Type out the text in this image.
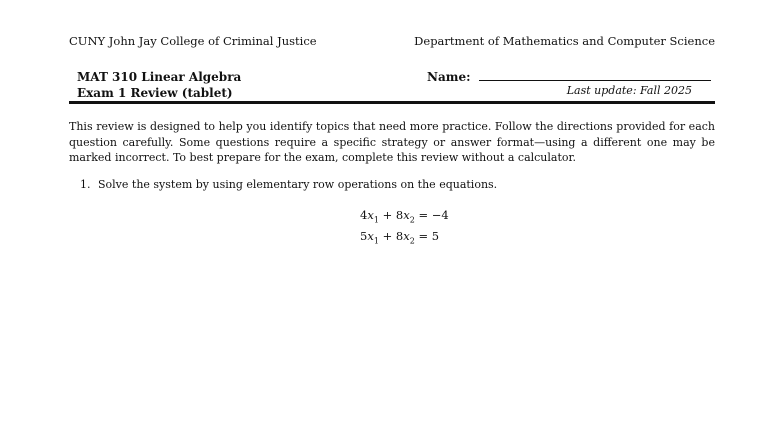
CUNY John Jay College of Criminal Justice	Department of Mathematics and Computer Science
MAT 310 Linear Algebra
Exam 1 Review (tablet)
Name:
Last update: Fall 2025
This review is designed to help you identify topics that need more practice. Follow the directions provided for each question carefully. Some questions require a specific strategy or answer format—using a different one may be marked incorrect. To best prepare for the exam, complete this review without a calculator.
1. Solve the system by using elementary row operations on the equations.
$4x_1 + 8x_2 = -4$
$5x_1 + 8x_2 = 5$
